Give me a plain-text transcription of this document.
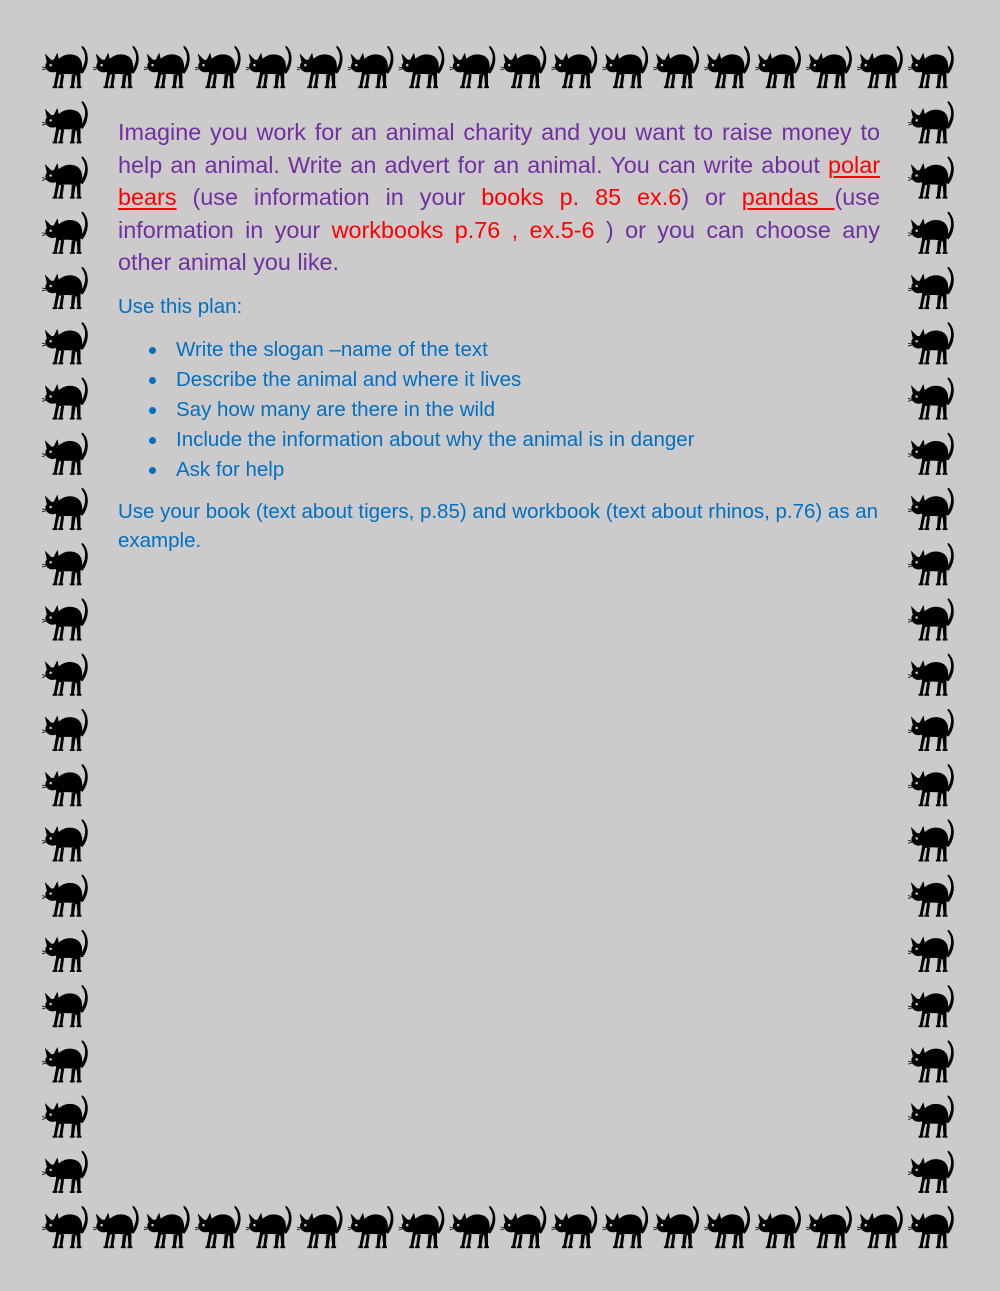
Imagine you work for an animal charity and you want to raise money to help an animal. Write an advert for an animal. You can write about polar bears (use information in your books p. 85 ex.6) or pandas (use information in your workbooks p.76 , ex.5-6 ) or you can choose any other animal you like.

Use this plan:

Write the slogan –name of the text
Describe the animal and where it lives
Say how many are there in the wild
Include the information about why the animal is in danger
Ask for help

Use your book (text about tigers, p.85) and workbook (text about rhinos, p.76) as an example.
